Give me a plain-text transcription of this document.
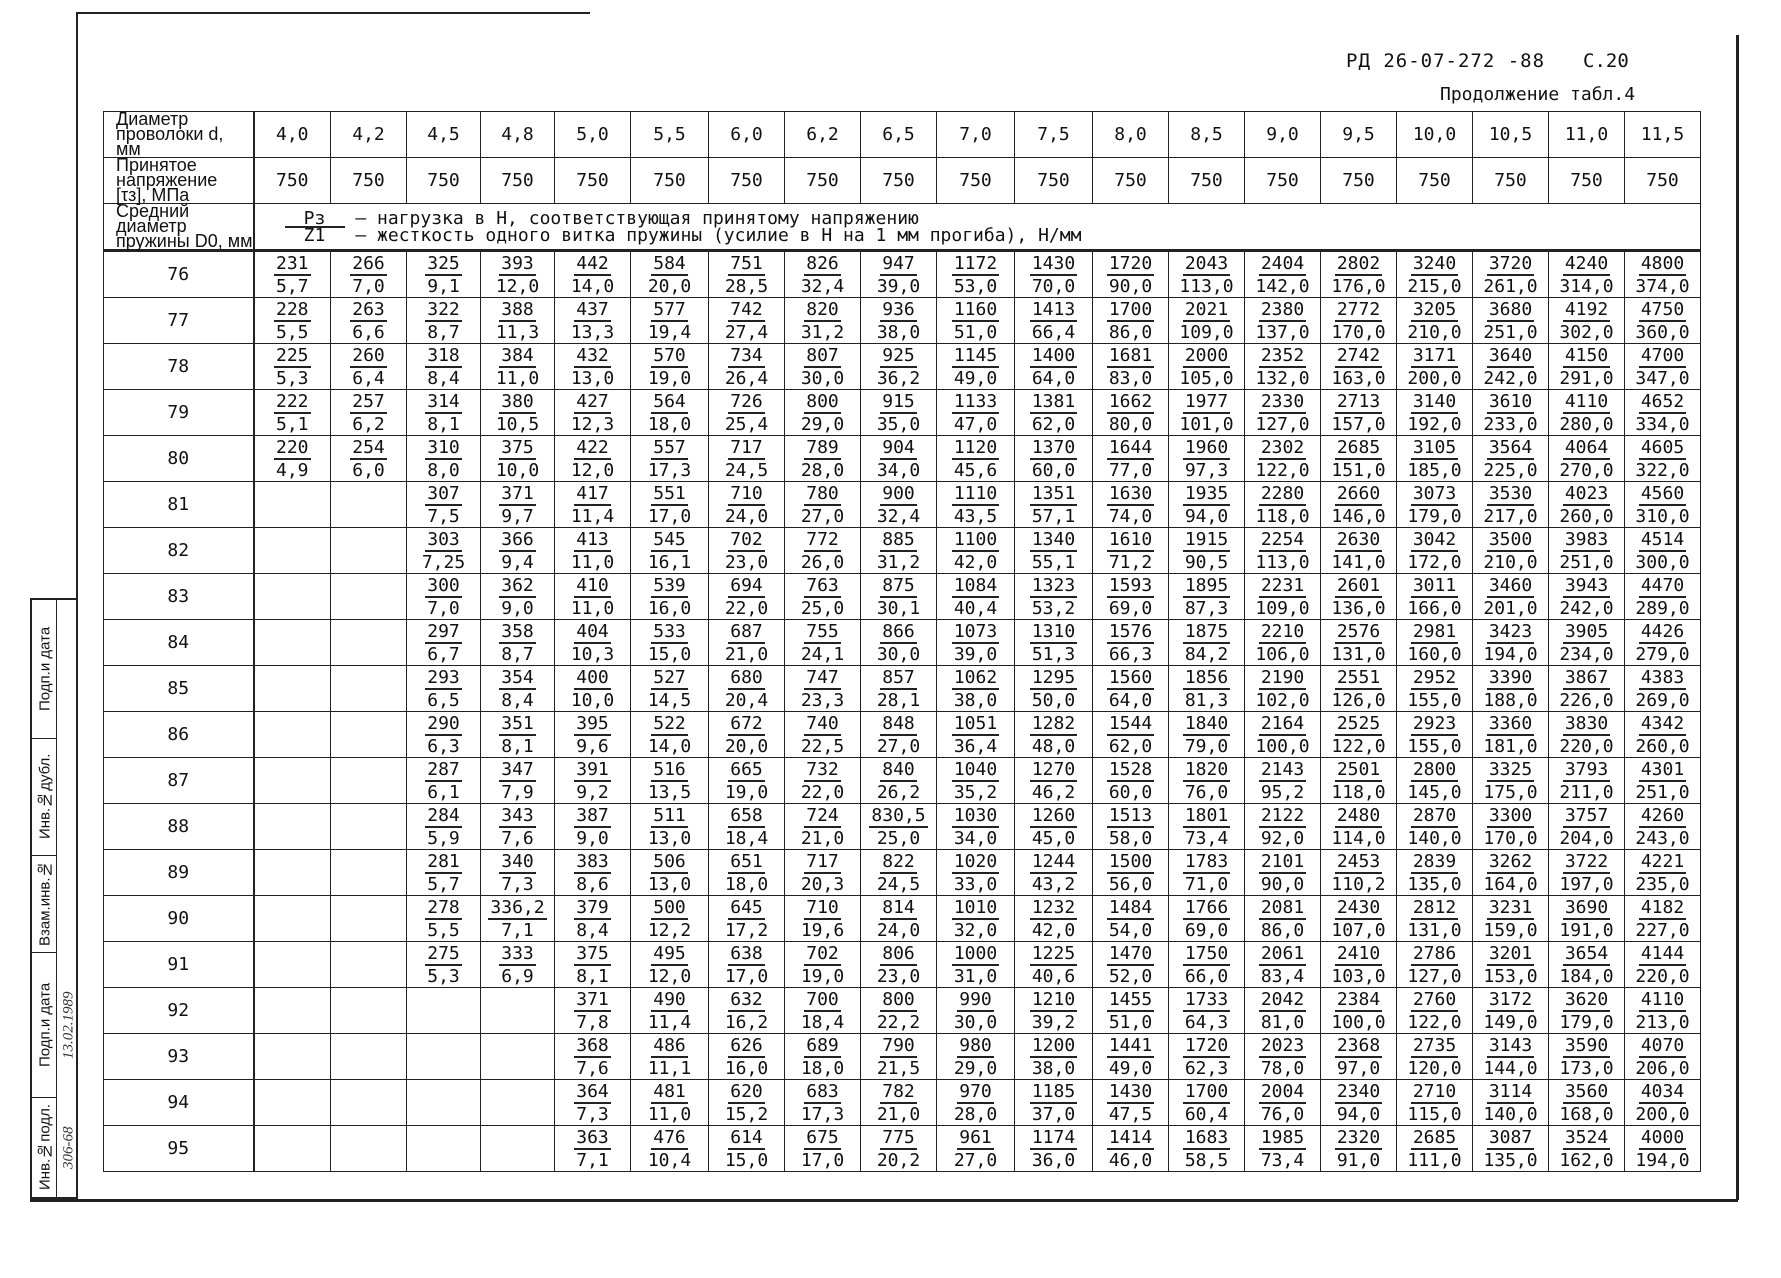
РД 26-07-272 -88 С.20
Продолжение табл.4
Инв.№подл.
Подп.и дата
Взам.инв.№
Инв.№дубл.
Подп.и дата
306-68
13.02.1989
Диаметр проволоки d, мм	4,0	4,2	4,5	4,8	5,0	5,5	6,0	6,2	6,5	7,0	7,5	8,0	8,5	9,0	9,5	10,0	10,5	11,0	11,5
Принятое напряжение [τз], МПа	750	750	750	750	750	750	750	750	750	750	750	750	750	750	750	750	750	750	750
Средний диаметр пружины D0, мм	Pз – нагрузка в Н, соответствующая принятому напряжению
Z1 – жесткость одного витка пружины (усилие в Н на 1 мм прогиба), Н/мм																		

76	$\frac{231}{5,7}$	$\frac{266}{7,0}$	$\frac{325}{9,1}$	$\frac{393}{12,0}$	$\frac{442}{14,0}$	$\frac{584}{20,0}$	$\frac{751}{28,5}$	$\frac{826}{32,4}$	$\frac{947}{39,0}$	$\frac{1172}{53,0}$	$\frac{1430}{70,0}$	$\frac{1720}{90,0}$	$\frac{2043}{113,0}$	$\frac{2404}{142,0}$	$\frac{2802}{176,0}$	$\frac{3240}{215,0}$	$\frac{3720}{261,0}$	$\frac{4240}{314,0}$	$\frac{4800}{374,0}$

77	$\frac{228}{5,5}$	$\frac{263}{6,6}$	$\frac{322}{8,7}$	$\frac{388}{11,3}$	$\frac{437}{13,3}$	$\frac{577}{19,4}$	$\frac{742}{27,4}$	$\frac{820}{31,2}$	$\frac{936}{38,0}$	$\frac{1160}{51,0}$	$\frac{1413}{66,4}$	$\frac{1700}{86,0}$	$\frac{2021}{109,0}$	$\frac{2380}{137,0}$	$\frac{2772}{170,0}$	$\frac{3205}{210,0}$	$\frac{3680}{251,0}$	$\frac{4192}{302,0}$	$\frac{4750}{360,0}$

78	$\frac{225}{5,3}$	$\frac{260}{6,4}$	$\frac{318}{8,4}$	$\frac{384}{11,0}$	$\frac{432}{13,0}$	$\frac{570}{19,0}$	$\frac{734}{26,4}$	$\frac{807}{30,0}$	$\frac{925}{36,2}$	$\frac{1145}{49,0}$	$\frac{1400}{64,0}$	$\frac{1681}{83,0}$	$\frac{2000}{105,0}$	$\frac{2352}{132,0}$	$\frac{2742}{163,0}$	$\frac{3171}{200,0}$	$\frac{3640}{242,0}$	$\frac{4150}{291,0}$	$\frac{4700}{347,0}$

79	$\frac{222}{5,1}$	$\frac{257}{6,2}$	$\frac{314}{8,1}$	$\frac{380}{10,5}$	$\frac{427}{12,3}$	$\frac{564}{18,0}$	$\frac{726}{25,4}$	$\frac{800}{29,0}$	$\frac{915}{35,0}$	$\frac{1133}{47,0}$	$\frac{1381}{62,0}$	$\frac{1662}{80,0}$	$\frac{1977}{101,0}$	$\frac{2330}{127,0}$	$\frac{2713}{157,0}$	$\frac{3140}{192,0}$	$\frac{3610}{233,0}$	$\frac{4110}{280,0}$	$\frac{4652}{334,0}$

80	$\frac{220}{4,9}$	$\frac{254}{6,0}$	$\frac{310}{8,0}$	$\frac{375}{10,0}$	$\frac{422}{12,0}$	$\frac{557}{17,3}$	$\frac{717}{24,5}$	$\frac{789}{28,0}$	$\frac{904}{34,0}$	$\frac{1120}{45,6}$	$\frac{1370}{60,0}$	$\frac{1644}{77,0}$	$\frac{1960}{97,3}$	$\frac{2302}{122,0}$	$\frac{2685}{151,0}$	$\frac{3105}{185,0}$	$\frac{3564}{225,0}$	$\frac{4064}{270,0}$	$\frac{4605}{322,0}$

81			$\frac{307}{7,5}$	$\frac{371}{9,7}$	$\frac{417}{11,4}$	$\frac{551}{17,0}$	$\frac{710}{24,0}$	$\frac{780}{27,0}$	$\frac{900}{32,4}$	$\frac{1110}{43,5}$	$\frac{1351}{57,1}$	$\frac{1630}{74,0}$	$\frac{1935}{94,0}$	$\frac{2280}{118,0}$	$\frac{2660}{146,0}$	$\frac{3073}{179,0}$	$\frac{3530}{217,0}$	$\frac{4023}{260,0}$	$\frac{4560}{310,0}$

82			$\frac{303}{7,25}$	$\frac{366}{9,4}$	$\frac{413}{11,0}$	$\frac{545}{16,1}$	$\frac{702}{23,0}$	$\frac{772}{26,0}$	$\frac{885}{31,2}$	$\frac{1100}{42,0}$	$\frac{1340}{55,1}$	$\frac{1610}{71,2}$	$\frac{1915}{90,5}$	$\frac{2254}{113,0}$	$\frac{2630}{141,0}$	$\frac{3042}{172,0}$	$\frac{3500}{210,0}$	$\frac{3983}{251,0}$	$\frac{4514}{300,0}$

83			$\frac{300}{7,0}$	$\frac{362}{9,0}$	$\frac{410}{11,0}$	$\frac{539}{16,0}$	$\frac{694}{22,0}$	$\frac{763}{25,0}$	$\frac{875}{30,1}$	$\frac{1084}{40,4}$	$\frac{1323}{53,2}$	$\frac{1593}{69,0}$	$\frac{1895}{87,3}$	$\frac{2231}{109,0}$	$\frac{2601}{136,0}$	$\frac{3011}{166,0}$	$\frac{3460}{201,0}$	$\frac{3943}{242,0}$	$\frac{4470}{289,0}$

84			$\frac{297}{6,7}$	$\frac{358}{8,7}$	$\frac{404}{10,3}$	$\frac{533}{15,0}$	$\frac{687}{21,0}$	$\frac{755}{24,1}$	$\frac{866}{30,0}$	$\frac{1073}{39,0}$	$\frac{1310}{51,3}$	$\frac{1576}{66,3}$	$\frac{1875}{84,2}$	$\frac{2210}{106,0}$	$\frac{2576}{131,0}$	$\frac{2981}{160,0}$	$\frac{3423}{194,0}$	$\frac{3905}{234,0}$	$\frac{4426}{279,0}$

85			$\frac{293}{6,5}$	$\frac{354}{8,4}$	$\frac{400}{10,0}$	$\frac{527}{14,5}$	$\frac{680}{20,4}$	$\frac{747}{23,3}$	$\frac{857}{28,1}$	$\frac{1062}{38,0}$	$\frac{1295}{50,0}$	$\frac{1560}{64,0}$	$\frac{1856}{81,3}$	$\frac{2190}{102,0}$	$\frac{2551}{126,0}$	$\frac{2952}{155,0}$	$\frac{3390}{188,0}$	$\frac{3867}{226,0}$	$\frac{4383}{269,0}$

86			$\frac{290}{6,3}$	$\frac{351}{8,1}$	$\frac{395}{9,6}$	$\frac{522}{14,0}$	$\frac{672}{20,0}$	$\frac{740}{22,5}$	$\frac{848}{27,0}$	$\frac{1051}{36,4}$	$\frac{1282}{48,0}$	$\frac{1544}{62,0}$	$\frac{1840}{79,0}$	$\frac{2164}{100,0}$	$\frac{2525}{122,0}$	$\frac{2923}{155,0}$	$\frac{3360}{181,0}$	$\frac{3830}{220,0}$	$\frac{4342}{260,0}$

87			$\frac{287}{6,1}$	$\frac{347}{7,9}$	$\frac{391}{9,2}$	$\frac{516}{13,5}$	$\frac{665}{19,0}$	$\frac{732}{22,0}$	$\frac{840}{26,2}$	$\frac{1040}{35,2}$	$\frac{1270}{46,2}$	$\frac{1528}{60,0}$	$\frac{1820}{76,0}$	$\frac{2143}{95,2}$	$\frac{2501}{118,0}$	$\frac{2800}{145,0}$	$\frac{3325}{175,0}$	$\frac{3793}{211,0}$	$\frac{4301}{251,0}$

88			$\frac{284}{5,9}$	$\frac{343}{7,6}$	$\frac{387}{9,0}$	$\frac{511}{13,0}$	$\frac{658}{18,4}$	$\frac{724}{21,0}$	$\frac{830,5}{25,0}$	$\frac{1030}{34,0}$	$\frac{1260}{45,0}$	$\frac{1513}{58,0}$	$\frac{1801}{73,4}$	$\frac{2122}{92,0}$	$\frac{2480}{114,0}$	$\frac{2870}{140,0}$	$\frac{3300}{170,0}$	$\frac{3757}{204,0}$	$\frac{4260}{243,0}$

89			$\frac{281}{5,7}$	$\frac{340}{7,3}$	$\frac{383}{8,6}$	$\frac{506}{13,0}$	$\frac{651}{18,0}$	$\frac{717}{20,3}$	$\frac{822}{24,5}$	$\frac{1020}{33,0}$	$\frac{1244}{43,2}$	$\frac{1500}{56,0}$	$\frac{1783}{71,0}$	$\frac{2101}{90,0}$	$\frac{2453}{110,2}$	$\frac{2839}{135,0}$	$\frac{3262}{164,0}$	$\frac{3722}{197,0}$	$\frac{4221}{235,0}$

90			$\frac{278}{5,5}$	$\frac{336,2}{7,1}$	$\frac{379}{8,4}$	$\frac{500}{12,2}$	$\frac{645}{17,2}$	$\frac{710}{19,6}$	$\frac{814}{24,0}$	$\frac{1010}{32,0}$	$\frac{1232}{42,0}$	$\frac{1484}{54,0}$	$\frac{1766}{69,0}$	$\frac{2081}{86,0}$	$\frac{2430}{107,0}$	$\frac{2812}{131,0}$	$\frac{3231}{159,0}$	$\frac{3690}{191,0}$	$\frac{4182}{227,0}$

91			$\frac{275}{5,3}$	$\frac{333}{6,9}$	$\frac{375}{8,1}$	$\frac{495}{12,0}$	$\frac{638}{17,0}$	$\frac{702}{19,0}$	$\frac{806}{23,0}$	$\frac{1000}{31,0}$	$\frac{1225}{40,6}$	$\frac{1470}{52,0}$	$\frac{1750}{66,0}$	$\frac{2061}{83,4}$	$\frac{2410}{103,0}$	$\frac{2786}{127,0}$	$\frac{3201}{153,0}$	$\frac{3654}{184,0}$	$\frac{4144}{220,0}$

92					$\frac{371}{7,8}$	$\frac{490}{11,4}$	$\frac{632}{16,2}$	$\frac{700}{18,4}$	$\frac{800}{22,2}$	$\frac{990}{30,0}$	$\frac{1210}{39,2}$	$\frac{1455}{51,0}$	$\frac{1733}{64,3}$	$\frac{2042}{81,0}$	$\frac{2384}{100,0}$	$\frac{2760}{122,0}$	$\frac{3172}{149,0}$	$\frac{3620}{179,0}$	$\frac{4110}{213,0}$

93					$\frac{368}{7,6}$	$\frac{486}{11,1}$	$\frac{626}{16,0}$	$\frac{689}{18,0}$	$\frac{790}{21,5}$	$\frac{980}{29,0}$	$\frac{1200}{38,0}$	$\frac{1441}{49,0}$	$\frac{1720}{62,3}$	$\frac{2023}{78,0}$	$\frac{2368}{97,0}$	$\frac{2735}{120,0}$	$\frac{3143}{144,0}$	$\frac{3590}{173,0}$	$\frac{4070}{206,0}$

94					$\frac{364}{7,3}$	$\frac{481}{11,0}$	$\frac{620}{15,2}$	$\frac{683}{17,3}$	$\frac{782}{21,0}$	$\frac{970}{28,0}$	$\frac{1185}{37,0}$	$\frac{1430}{47,5}$	$\frac{1700}{60,4}$	$\frac{2004}{76,0}$	$\frac{2340}{94,0}$	$\frac{2710}{115,0}$	$\frac{3114}{140,0}$	$\frac{3560}{168,0}$	$\frac{4034}{200,0}$

95					$\frac{363}{7,1}$	$\frac{476}{10,4}$	$\frac{614}{15,0}$	$\frac{675}{17,0}$	$\frac{775}{20,2}$	$\frac{961}{27,0}$	$\frac{1174}{36,0}$	$\frac{1414}{46,0}$	$\frac{1683}{58,5}$	$\frac{1985}{73,4}$	$\frac{2320}{91,0}$	$\frac{2685}{111,0}$	$\frac{3087}{135,0}$	$\frac{3524}{162,0}$	$\frac{4000}{194,0}$
